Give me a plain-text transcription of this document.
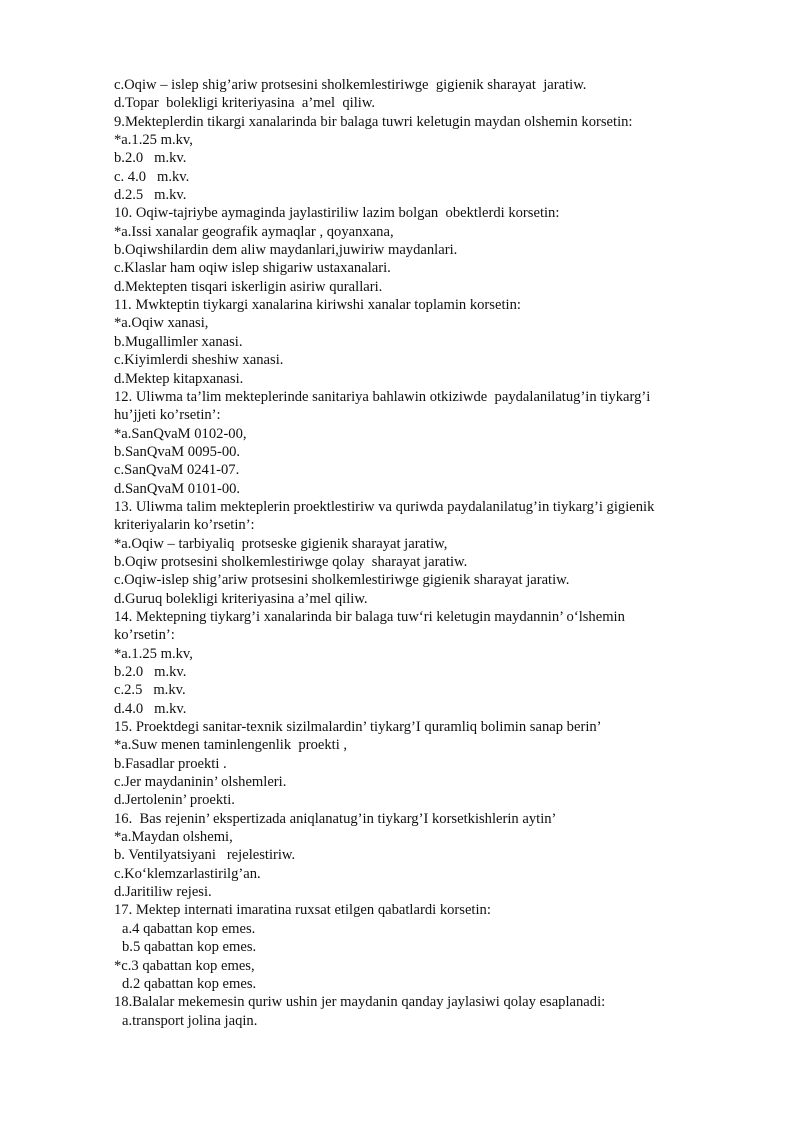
c.Oqiw – islep shig’ariw protsesini sholkemlestiriwge  gigienik sharayat  jaratiw.
d.Topar  bolekligi kriteriyasina  a’mel  qiliw.
9.Mekteplerdin tikargi xanalarinda bir balaga tuwri keletugin maydan olshemin korsetin:
*a.1.25 m.kv,
b.2.0   m.kv.
c. 4.0   m.kv.
d.2.5   m.kv.
10. Oqiw-tajriybe aymaginda jaylastiriliw lazim bolgan  obektlerdi korsetin:
*a.Issi xanalar geografik aymaqlar , qoyanxana,
b.Oqiwshilardin dem aliw maydanlari,juwiriw maydanlari.
c.Klaslar ham oqiw islep shigariw ustaxanalari.
d.Mektepten tisqari iskerligin asiriw qurallari.
11. Mwkteptin tiykargi xanalarina kiriwshi xanalar toplamin korsetin:
*a.Oqiw xanasi,
b.Mugallimler xanasi.
c.Kiyimlerdi sheshiw xanasi.
d.Mektep kitapxanasi.
12. Uliwma ta’lim mekteplerinde sanitariya bahlawin otkiziwde  paydalanilatug’in tiykarg’i
hu’jjeti ko’rsetin’:
*a.SanQvaM 0102-00,
b.SanQvaM 0095-00.
c.SanQvaM 0241-07.
d.SanQvaM 0101-00.
13. Uliwma talim mekteplerin proektlestiriw va quriwda paydalanilatug’in tiykarg’i gigienik
kriteriyalarin ko’rsetin’:
*a.Oqiw – tarbiyaliq  protseske gigienik sharayat jaratiw,
b.Oqiw protsesini sholkemlestiriwge qolay  sharayat jaratiw.
c.Oqiw-islep shig’ariw protsesini sholkemlestiriwge gigienik sharayat jaratiw.
d.Guruq bolekligi kriteriyasina a’mel qiliw.
14. Mektepning tiykarg’i xanalarinda bir balaga tuw‘ri keletugin maydannin’ o‘lshemin
ko’rsetin’:
*a.1.25 m.kv,
b.2.0   m.kv.
c.2.5   m.kv.
d.4.0   m.kv.
15. Proektdegi sanitar-texnik sizilmalardin’ tiykarg’I quramliq bolimin sanap berin’
*a.Suw menen taminlengenlik  proekti ,
b.Fasadlar proekti .
c.Jer maydaninin’ olshemleri.
d.Jertolenin’ proekti.
16.  Bas rejenin’ ekspertizada aniqlanatug’in tiykarg’I korsetkishlerin aytin’
*a.Maydan olshemi,
b. Ventilyatsiyani   rejelestiriw.
c.Ko‘klemzarlastirilg’an.
d.Jaritiliw rejesi.
17. Mektep internati imaratina ruxsat etilgen qabatlardi korsetin:
a.4 qabattan kop emes.
b.5 qabattan kop emes.
*c.3 qabattan kop emes,
d.2 qabattan kop emes.
18.Balalar mekemesin quriw ushin jer maydanin qanday jaylasiwi qolay esaplanadi:
a.transport jolina jaqin.
